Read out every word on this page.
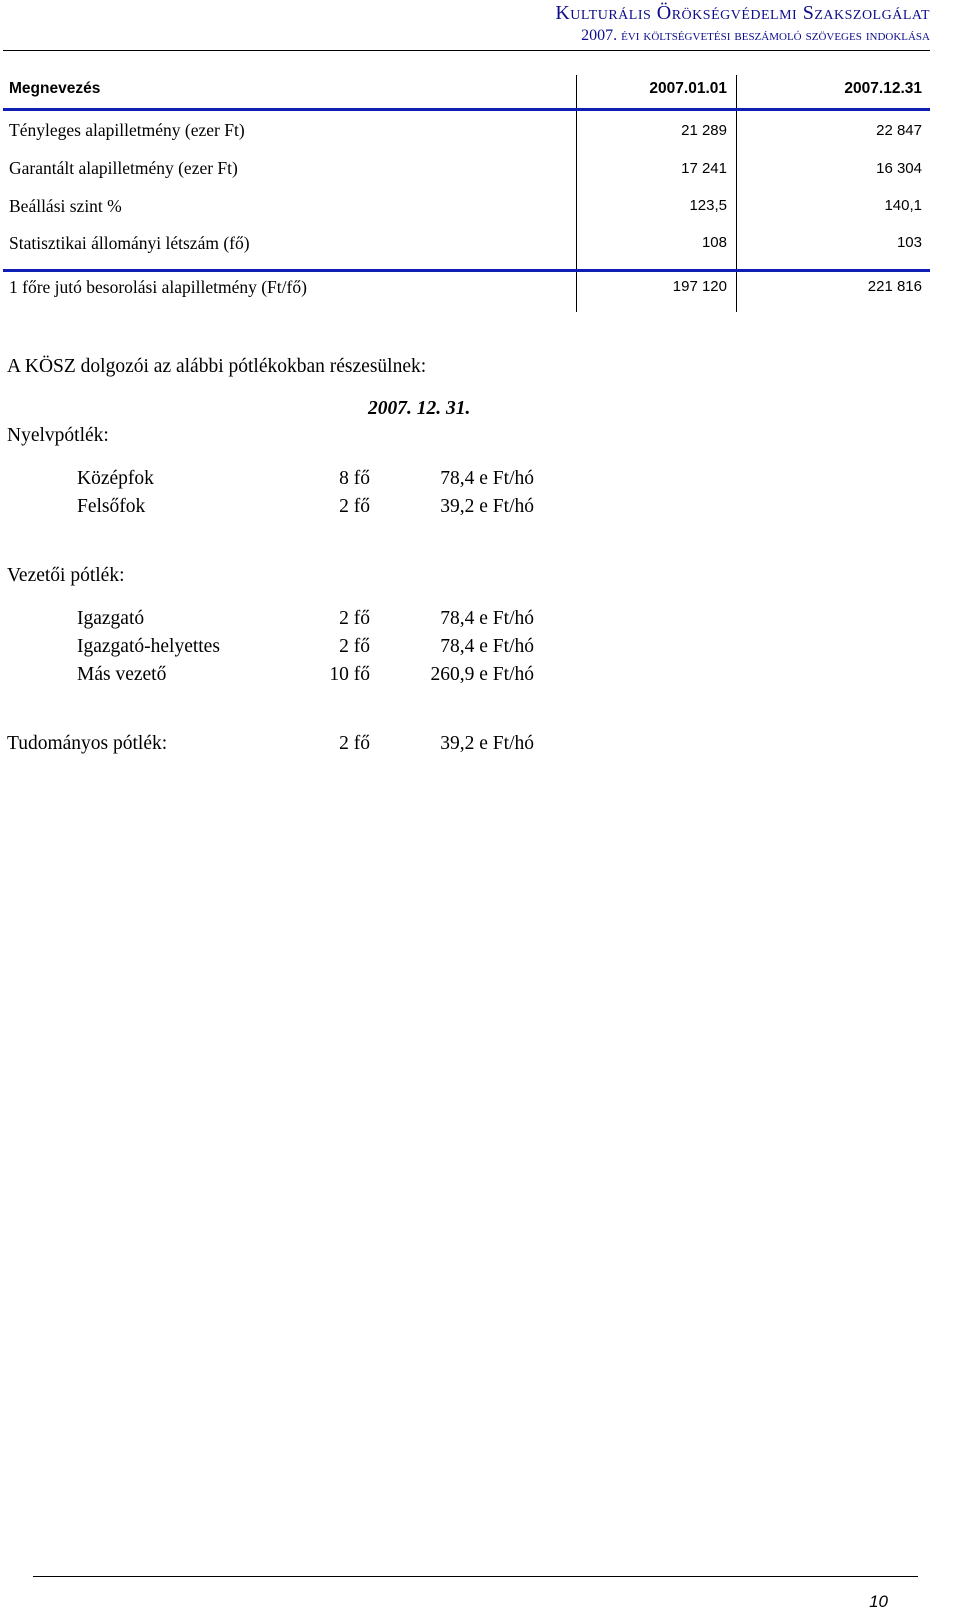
Kulturális Örökségvédelmi Szakszolgálat
2007. évi költségvetési beszámoló szöveges indoklása
Megnevezés	2007.01.01	2007.12.31
Tényleges alapilletmény (ezer Ft)	21 289	22 847
Garantált alapilletmény (ezer Ft)	17 241	16 304
Beállási szint %	123,5	140,1
Statisztikai állományi létszám (fő)	108	103
1 főre jutó besorolási alapilletmény (Ft/fő)	197 120	221 816
A KÖSZ dolgozói az alábbi pótlékokban részesülnek:
2007. 12. 31.
Nyelvpótlék:
Középfok	8 fő	78,4 e Ft/hó
Felsőfok	2 fő	39,2 e Ft/hó
Vezetői pótlék:
Igazgató	2 fő	78,4 e Ft/hó
Igazgató-helyettes	2 fő	78,4 e Ft/hó
Más vezető	10 fő	260,9 e Ft/hó
Tudományos pótlék:	2 fő	39,2 e Ft/hó
10
